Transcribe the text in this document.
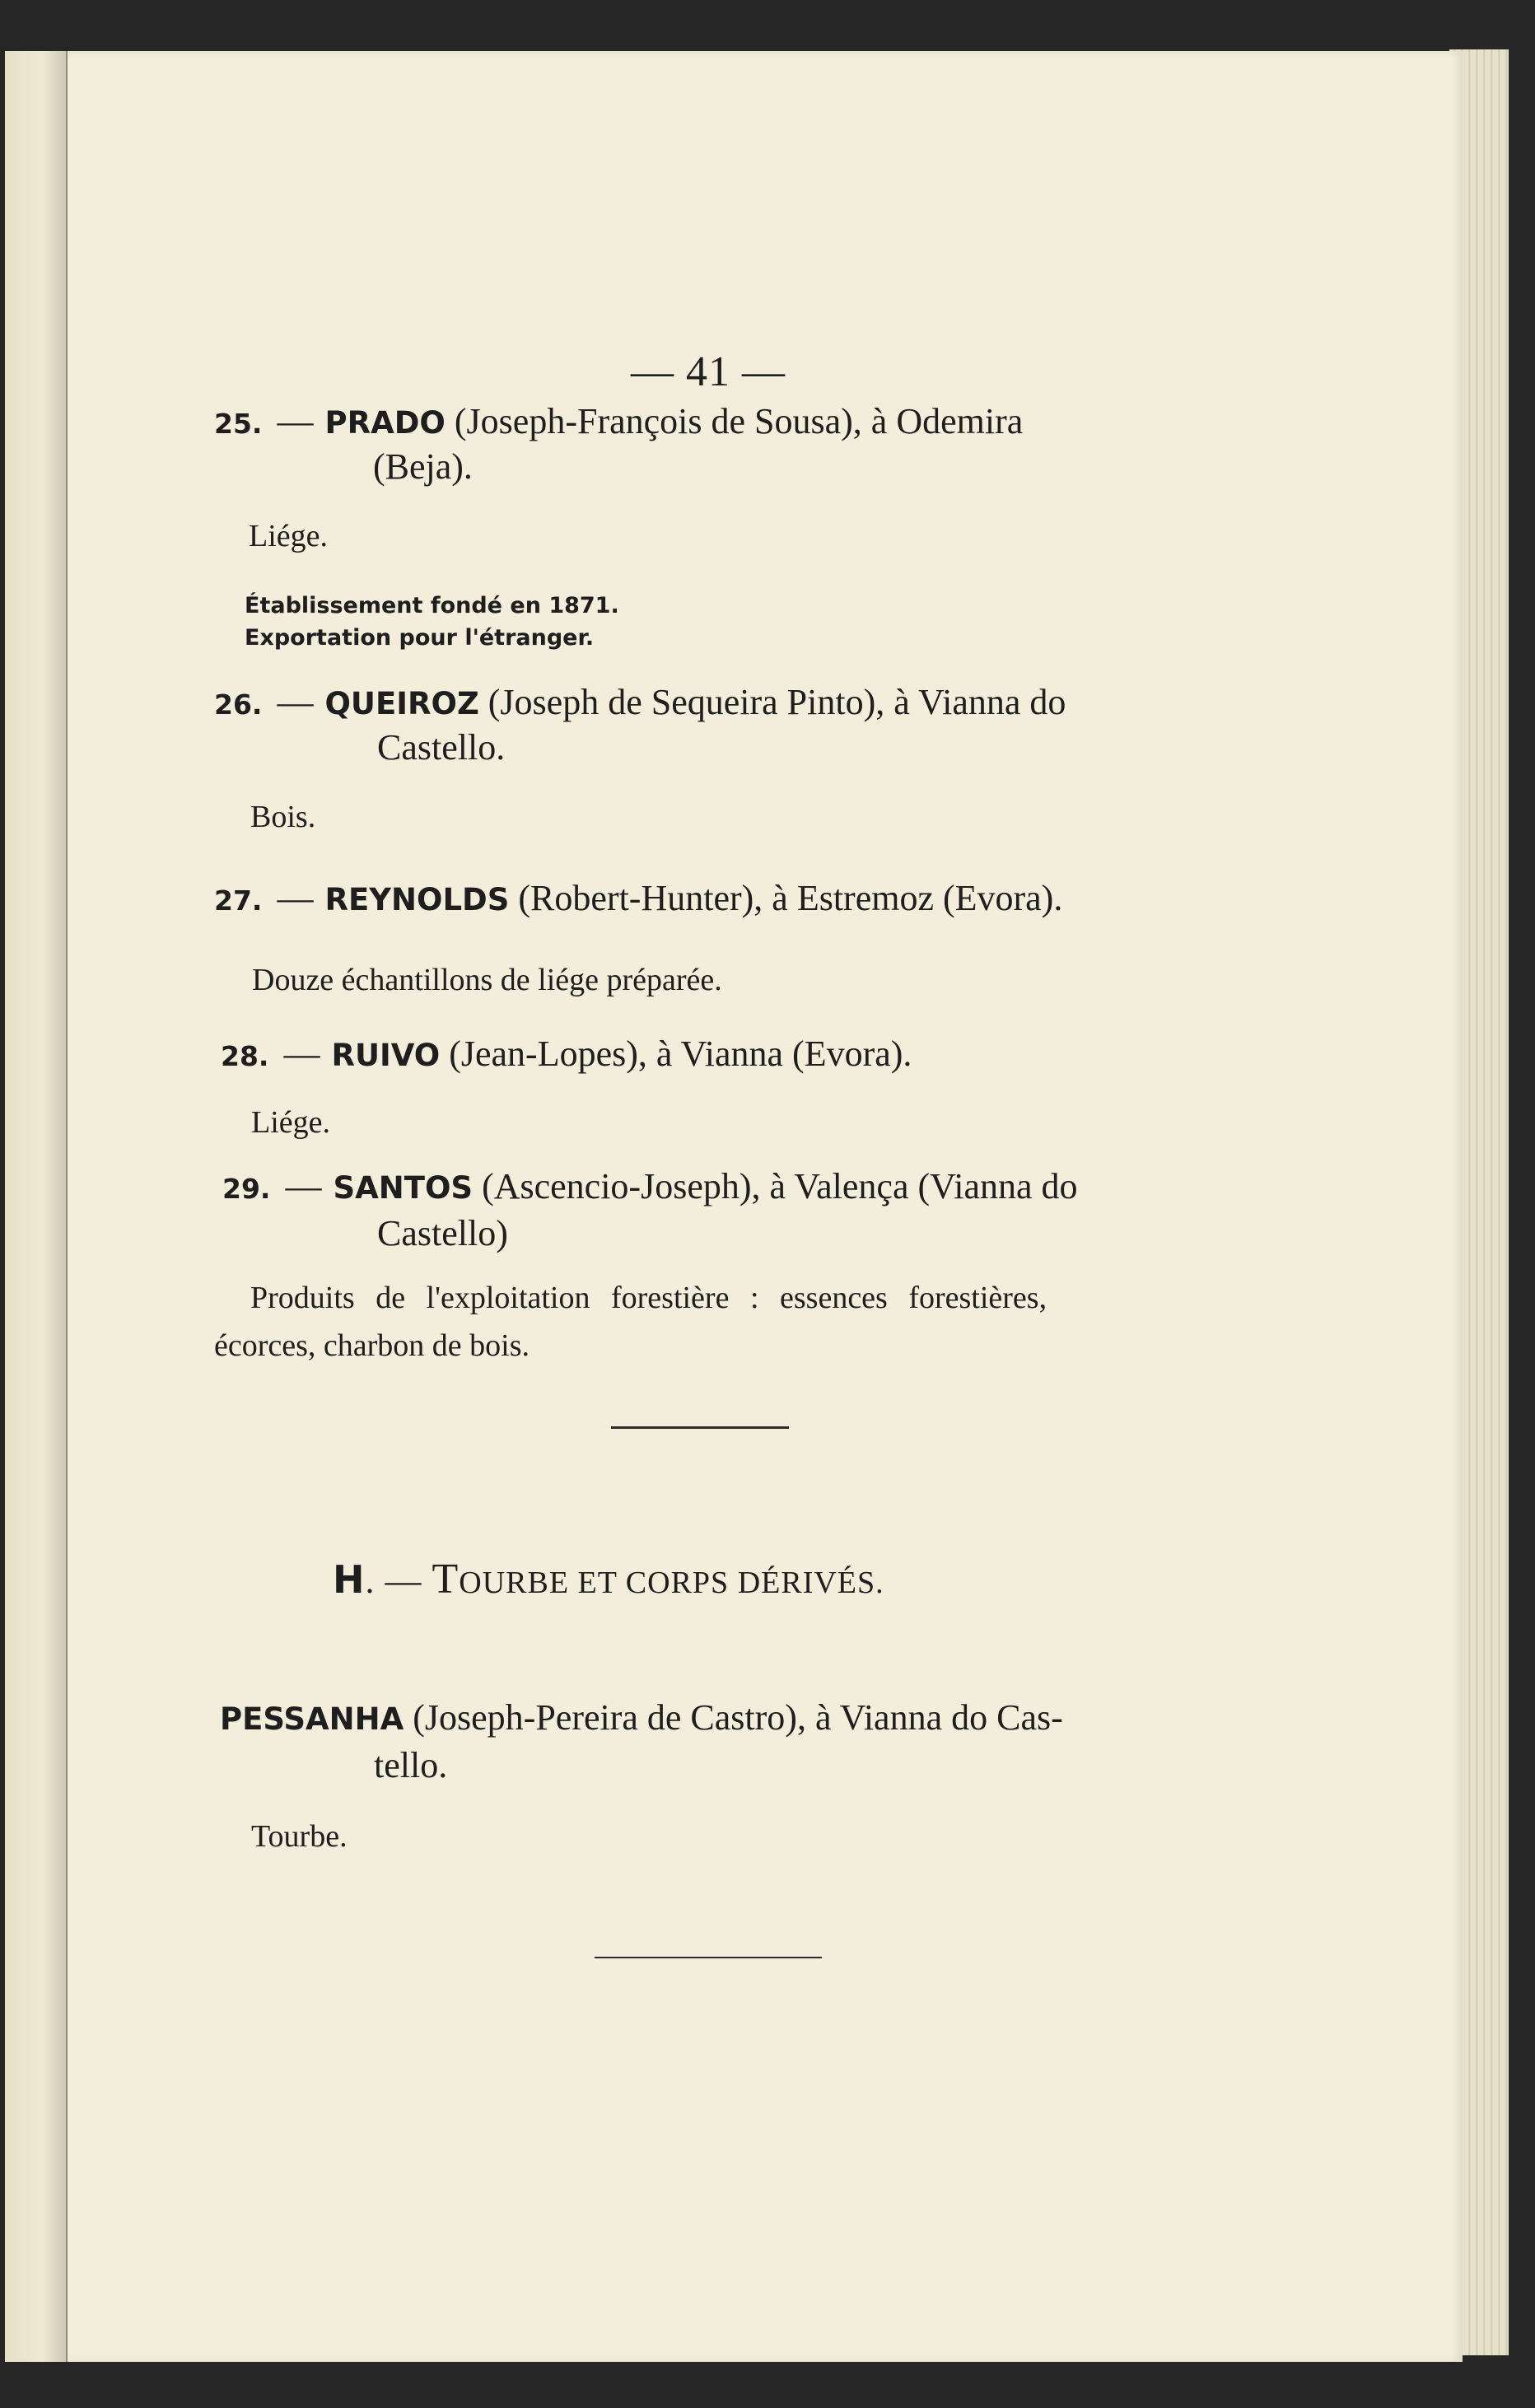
— 41 —
25. — PRADO (Joseph-François de Sousa), à Odemira
(Beja).
Liége.
Établissement fondé en 1871.
Exportation pour l'étranger.
26. — QUEIROZ (Joseph de Sequeira Pinto), à Vianna do
Castello.
Bois.
27. — REYNOLDS (Robert-Hunter), à Estremoz (Evora).
Douze échantillons de liége préparée.
28. — RUIVO (Jean-Lopes), à Vianna (Evora).
Liége.
29. — SANTOS (Ascencio-Joseph), à Valença (Vianna do
Castello)
Produits de l'exploitation forestière : essences forestières,
écorces, charbon de bois.
H. — TOURBE ET CORPS DÉRIVÉS.
PESSANHA (Joseph-Pereira de Castro), à Vianna do Cas-
tello.
Tourbe.
